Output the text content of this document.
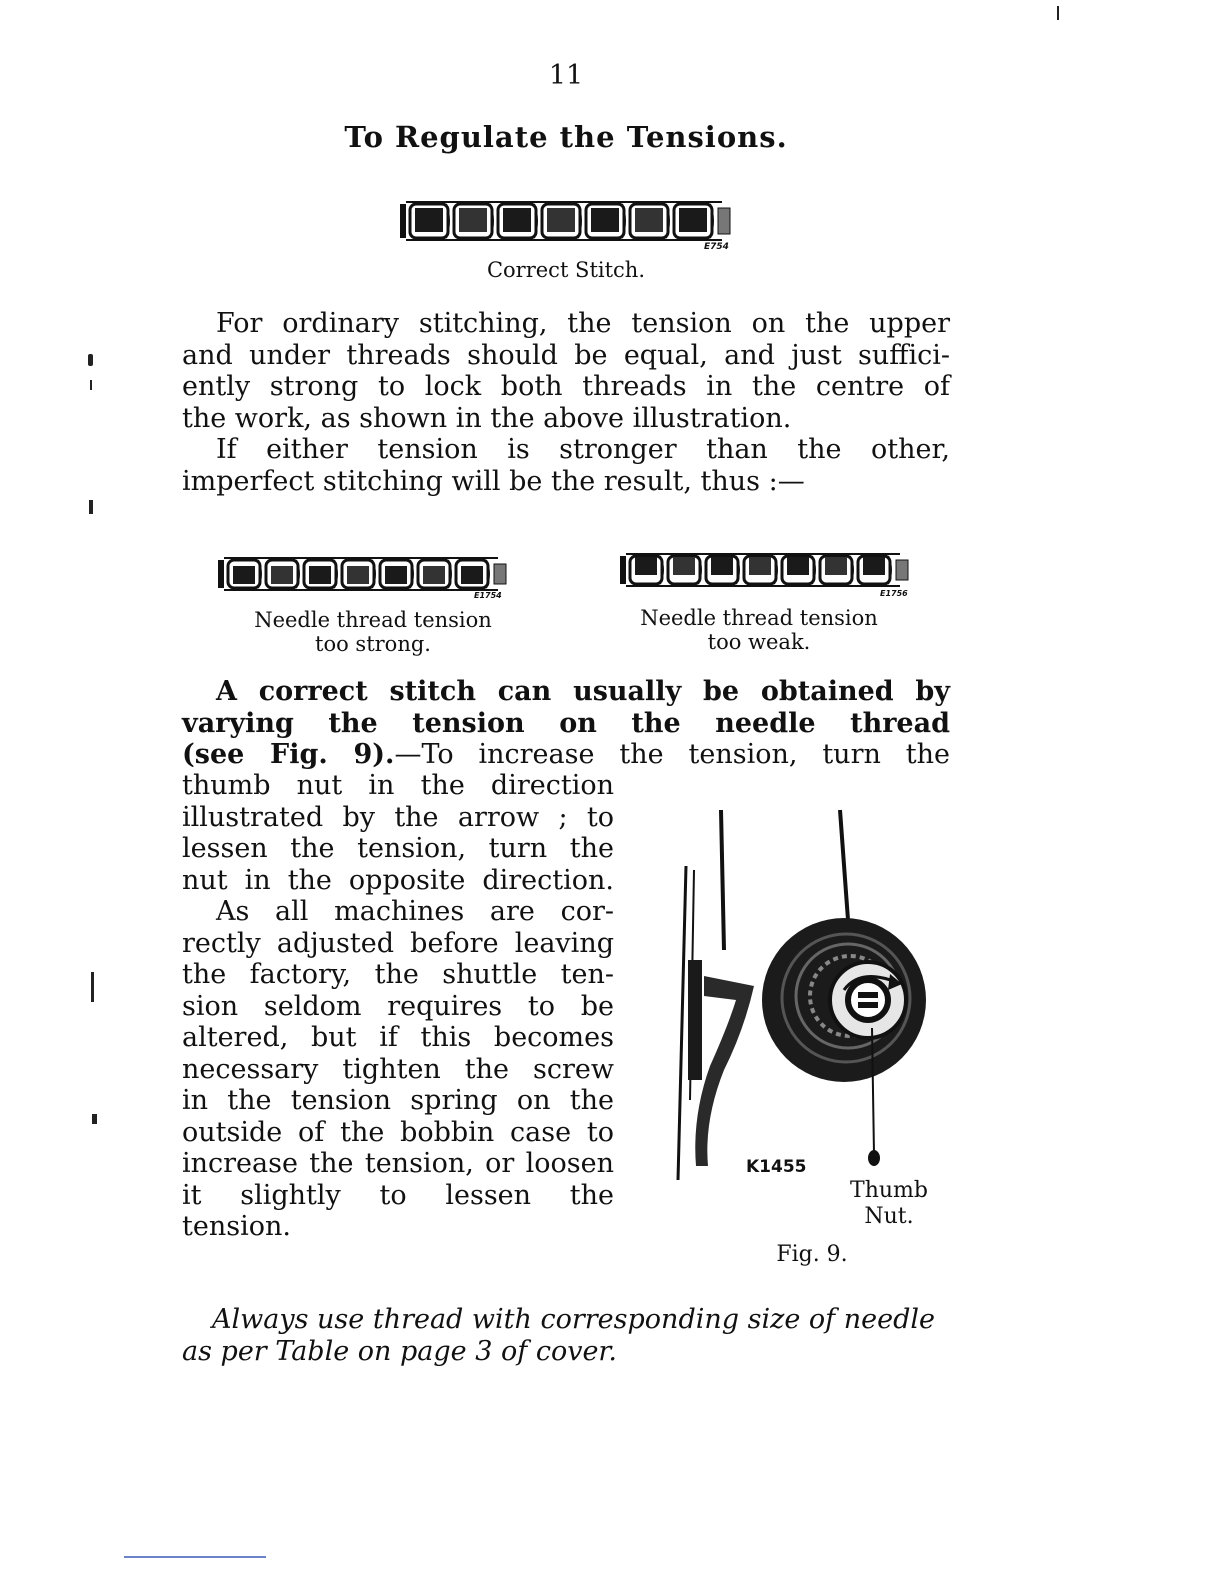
11
To Regulate the Tensions.
E754
Correct Stitch.
For ordinary stitching, the tension on the upper
and under threads should be equal, and just suffici-
ently strong to lock both threads in the centre of
the work, as shown in the above illustration.
If either tension is stronger than the other,
imperfect stitching will be the result, thus :—
E1754
Needle thread tension
too strong.
E1756
Needle thread tension
too weak.
A correct stitch can usually be obtained by
varying the tension on the needle thread
(see Fig. 9).—To increase the tension, turn the
thumb nut in the direction
illustrated by the arrow ; to
lessen the tension, turn the
nut in the opposite direction.
As all machines are cor-
rectly adjusted before leaving
the factory, the shuttle ten-
sion seldom requires to be
altered, but if this becomes
necessary tighten the screw
in the tension spring on the
outside of the bobbin case to
increase the tension, or loosen
it slightly to lessen the
tension.
K1455
Thumb
Nut.
Fig. 9.
Always use thread with corresponding size of needle
as per Table on page 3 of cover.
